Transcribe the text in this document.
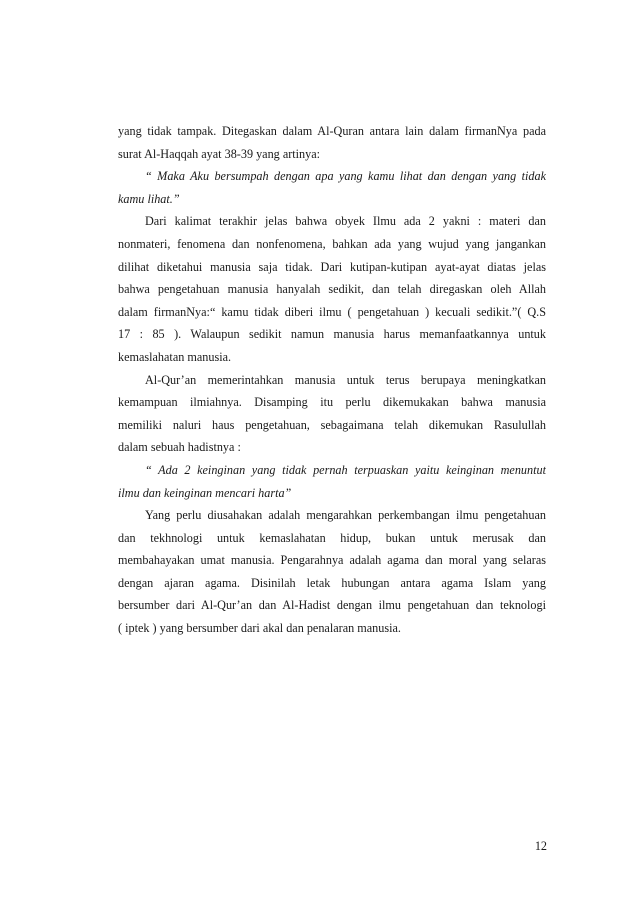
yang tidak tampak. Ditegaskan dalam Al-Quran antara lain dalam firmanNya pada
surat Al-Haqqah ayat 38-39 yang artinya:
“ Maka Aku bersumpah dengan apa yang kamu lihat dan dengan yang tidak
kamu lihat.”
Dari kalimat terakhir jelas bahwa obyek Ilmu ada 2 yakni : materi dan
nonmateri, fenomena dan nonfenomena, bahkan ada yang wujud yang jangankan
dilihat diketahui manusia saja tidak. Dari kutipan-kutipan ayat-ayat diatas jelas
bahwa pengetahuan manusia hanyalah sedikit, dan telah diregaskan oleh Allah
dalam firmanNya:“ kamu tidak diberi ilmu ( pengetahuan ) kecuali sedikit.”( Q.S
17 : 85 ). Walaupun sedikit namun manusia harus memanfaatkannya untuk
kemaslahatan manusia.
Al-Qur’an memerintahkan manusia untuk terus berupaya meningkatkan
kemampuan ilmiahnya. Disamping itu perlu dikemukakan bahwa manusia
memiliki naluri haus pengetahuan, sebagaimana telah dikemukan Rasulullah
dalam sebuah hadistnya :
“ Ada 2 keinginan yang tidak pernah terpuaskan yaitu keinginan menuntut
ilmu dan keinginan mencari harta”
Yang perlu diusahakan adalah mengarahkan perkembangan ilmu pengetahuan
dan tekhnologi untuk kemaslahatan hidup, bukan untuk merusak dan
membahayakan umat manusia. Pengarahnya adalah agama dan moral yang selaras
dengan ajaran agama. Disinilah letak hubungan antara agama Islam yang
bersumber dari Al-Qur’an dan Al-Hadist dengan ilmu pengetahuan dan teknologi
( iptek ) yang bersumber dari akal dan penalaran manusia.
12
